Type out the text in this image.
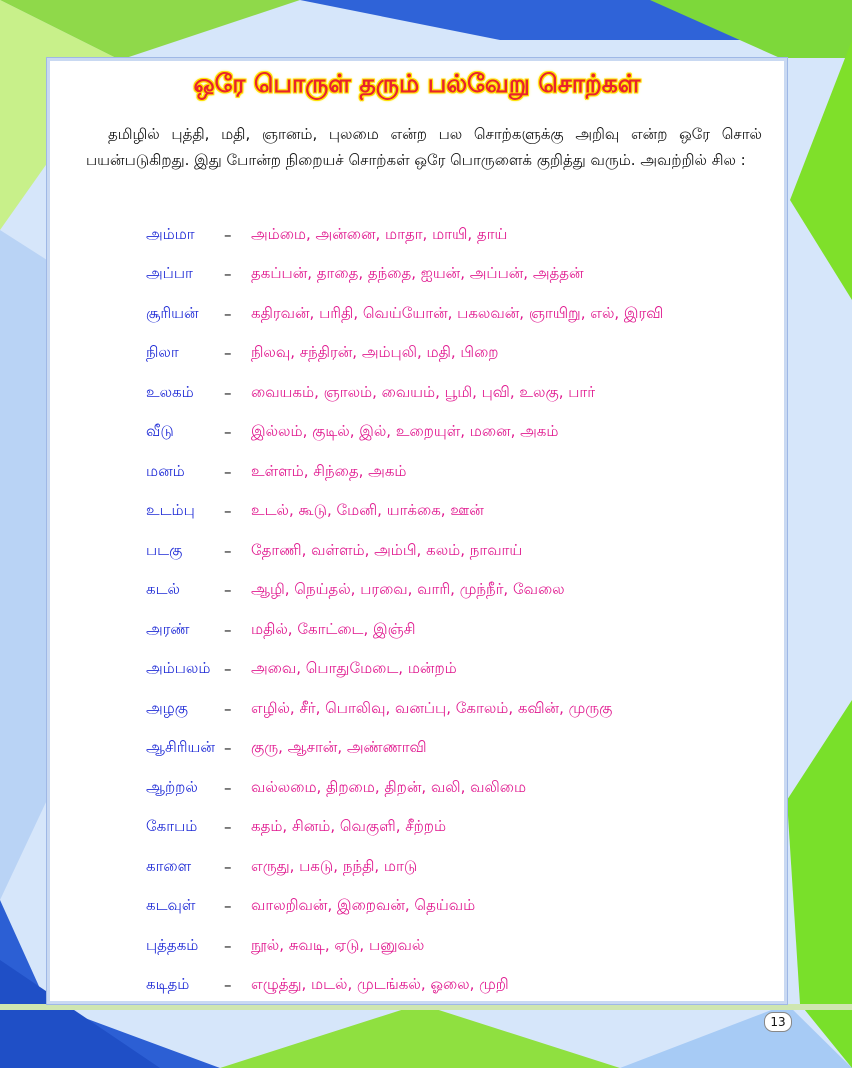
ஒரே பொருள் தரும் பல்வேறு சொற்கள்

தமிழில் புத்தி, மதி, ஞானம், புலமை என்ற பல சொற்களுக்கு அறிவு என்ற ஒரே சொல் பயன்படுகிறது. இது போன்ற நிறையச் சொற்கள் ஒரே பொருளைக் குறித்து வரும். அவற்றில் சில :

அம்மா	–	அம்மை, அன்னை, மாதா, மாயி, தாய்
அப்பா	–	தகப்பன், தாதை, தந்தை, ஐயன், அப்பன், அத்தன்
சூரியன்	–	கதிரவன், பரிதி, வெய்யோன், பகலவன், ஞாயிறு, எல், இரவி
நிலா	–	நிலவு, சந்திரன், அம்புலி, மதி, பிறை
உலகம்	–	வையகம், ஞாலம், வையம், பூமி, புவி, உலகு, பார்
வீடு	–	இல்லம், குடில், இல், உறையுள், மனை, அகம்
மனம்	–	உள்ளம், சிந்தை, அகம்
உடம்பு	–	உடல், கூடு, மேனி, யாக்கை, ஊன்
படகு	–	தோணி, வள்ளம், அம்பி, கலம், நாவாய்
கடல்	–	ஆழி, நெய்தல், பரவை, வாரி, முந்நீர், வேலை
அரண்	–	மதில், கோட்டை, இஞ்சி
அம்பலம் –	அவை, பொதுமேடை, மன்றம்
அழகு	–	எழில், சீர், பொலிவு, வனப்பு, கோலம், கவின், முருகு
ஆசிரியன் –	குரு, ஆசான், அண்ணாவி
ஆற்றல்	–	வல்லமை, திறமை, திறன், வலி, வலிமை
கோபம்	–	கதம், சினம், வெகுளி, சீற்றம்
காளை	–	எருது, பகடு, நந்தி, மாடு
கடவுள்	–	வாலறிவன், இறைவன், தெய்வம்
புத்தகம்	–	நூல், சுவடி, ஏடு, பனுவல்
கடிதம்	–	எழுத்து, மடல், முடங்கல், ஓலை, முறி
13
